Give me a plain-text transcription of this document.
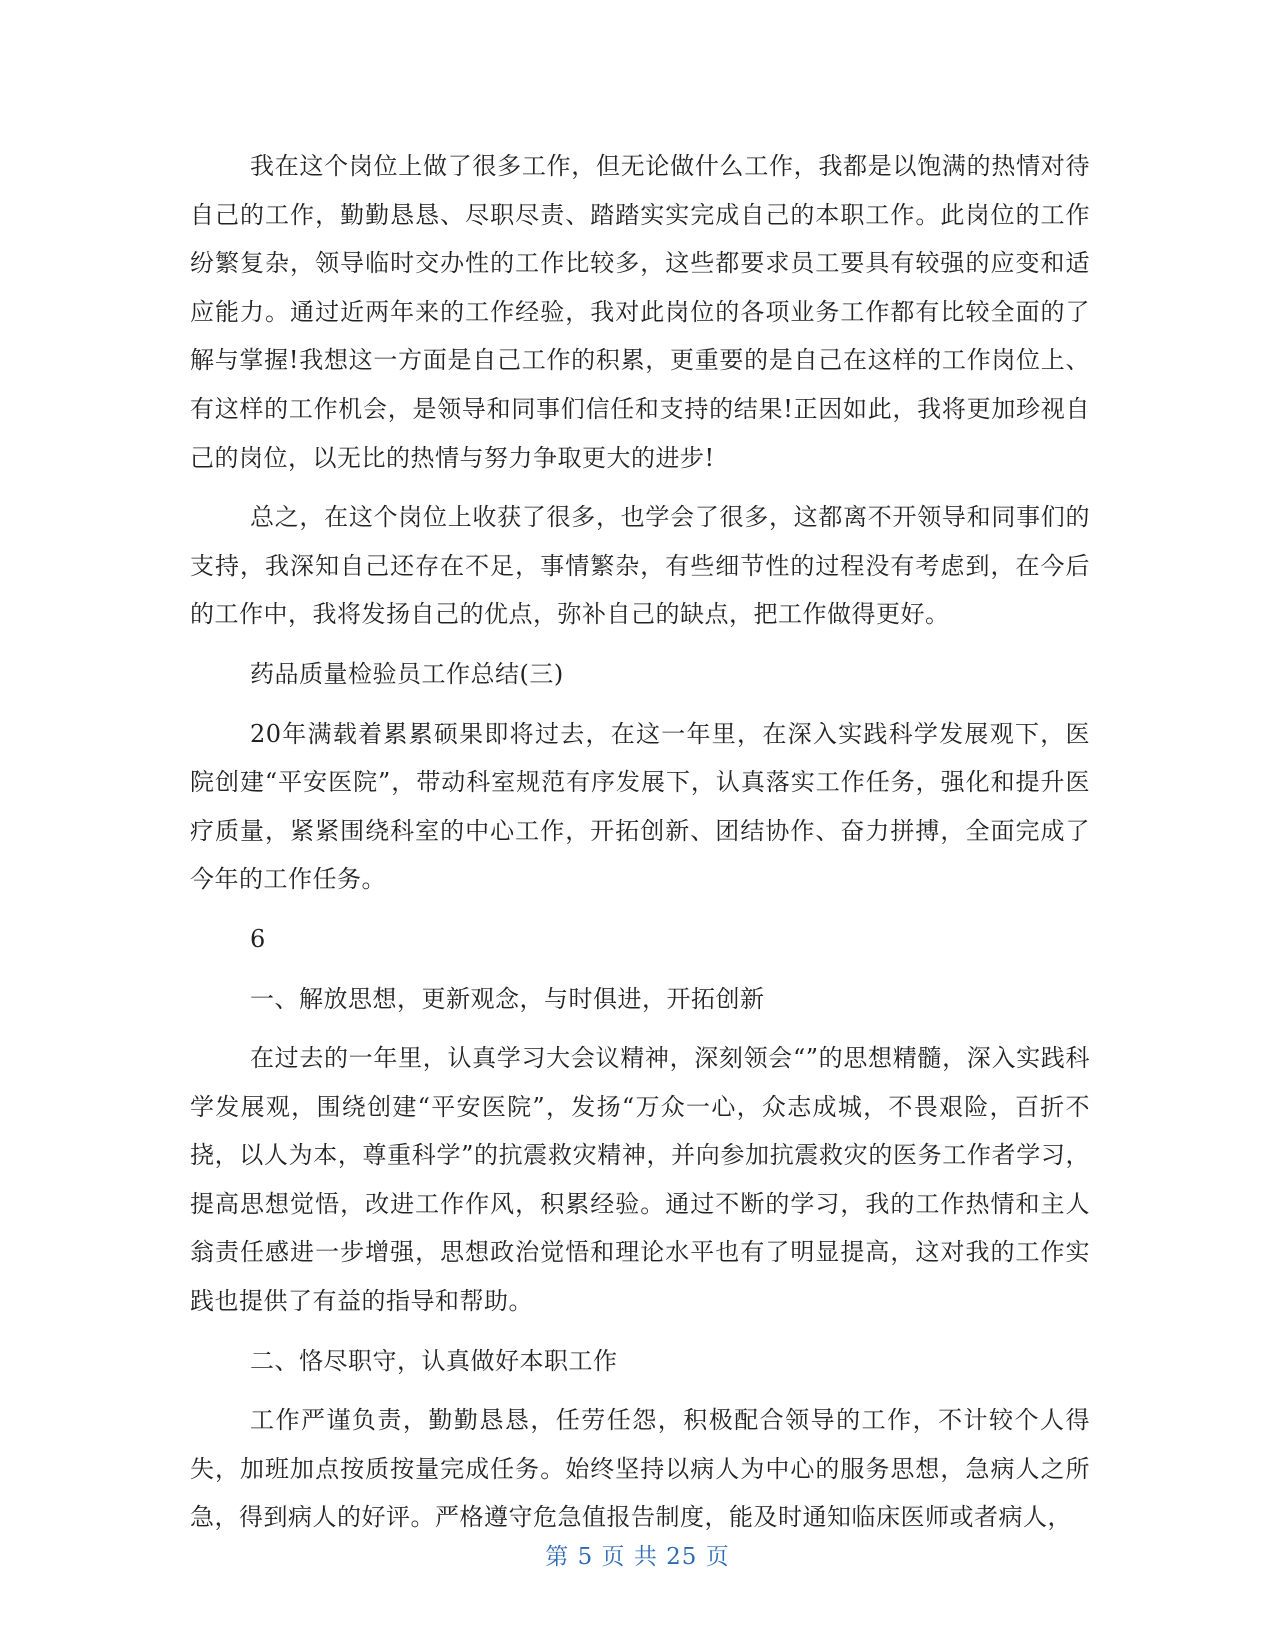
我在这个岗位上做了很多工作，但无论做什么工作，我都是以饱满的热情对待自己的工作，勤勤恳恳、尽职尽责、踏踏实实完成自己的本职工作。此岗位的工作纷繁复杂，领导临时交办性的工作比较多，这些都要求员工要具有较强的应变和适应能力。通过近两年来的工作经验，我对此岗位的各项业务工作都有比较全面的了解与掌握!我想这一方面是自己工作的积累，更重要的是自己在这样的工作岗位上、有这样的工作机会，是领导和同事们信任和支持的结果!正因如此，我将更加珍视自己的岗位，以无比的热情与努力争取更大的进步!

总之，在这个岗位上收获了很多，也学会了很多，这都离不开领导和同事们的支持，我深知自己还存在不足，事情繁杂，有些细节性的过程没有考虑到，在今后的工作中，我将发扬自己的优点，弥补自己的缺点，把工作做得更好。

药品质量检验员工作总结(三)

20年满载着累累硕果即将过去，在这一年里，在深入实践科学发展观下，医院创建“平安医院”，带动科室规范有序发展下，认真落实工作任务，强化和提升医疗质量，紧紧围绕科室的中心工作，开拓创新、团结协作、奋力拼搏，全面完成了今年的工作任务。

6

一、解放思想，更新观念，与时俱进，开拓创新

在过去的一年里，认真学习大会议精神，深刻领会“”的思想精髓，深入实践科学发展观，围绕创建“平安医院”，发扬“万众一心，众志成城，不畏艰险，百折不挠，以人为本，尊重科学”的抗震救灾精神，并向参加抗震救灾的医务工作者学习，提高思想觉悟，改进工作作风，积累经验。通过不断的学习，我的工作热情和主人翁责任感进一步增强，思想政治觉悟和理论水平也有了明显提高，这对我的工作实践也提供了有益的指导和帮助。

二、恪尽职守，认真做好本职工作

工作严谨负责，勤勤恳恳，任劳任怨，积极配合领导的工作，不计较个人得失，加班加点按质按量完成任务。始终坚持以病人为中心的服务思想，急病人之所急，得到病人的好评。严格遵守危急值报告制度，能及时通知临床医师或者病人，

第 5 页 共 25 页
